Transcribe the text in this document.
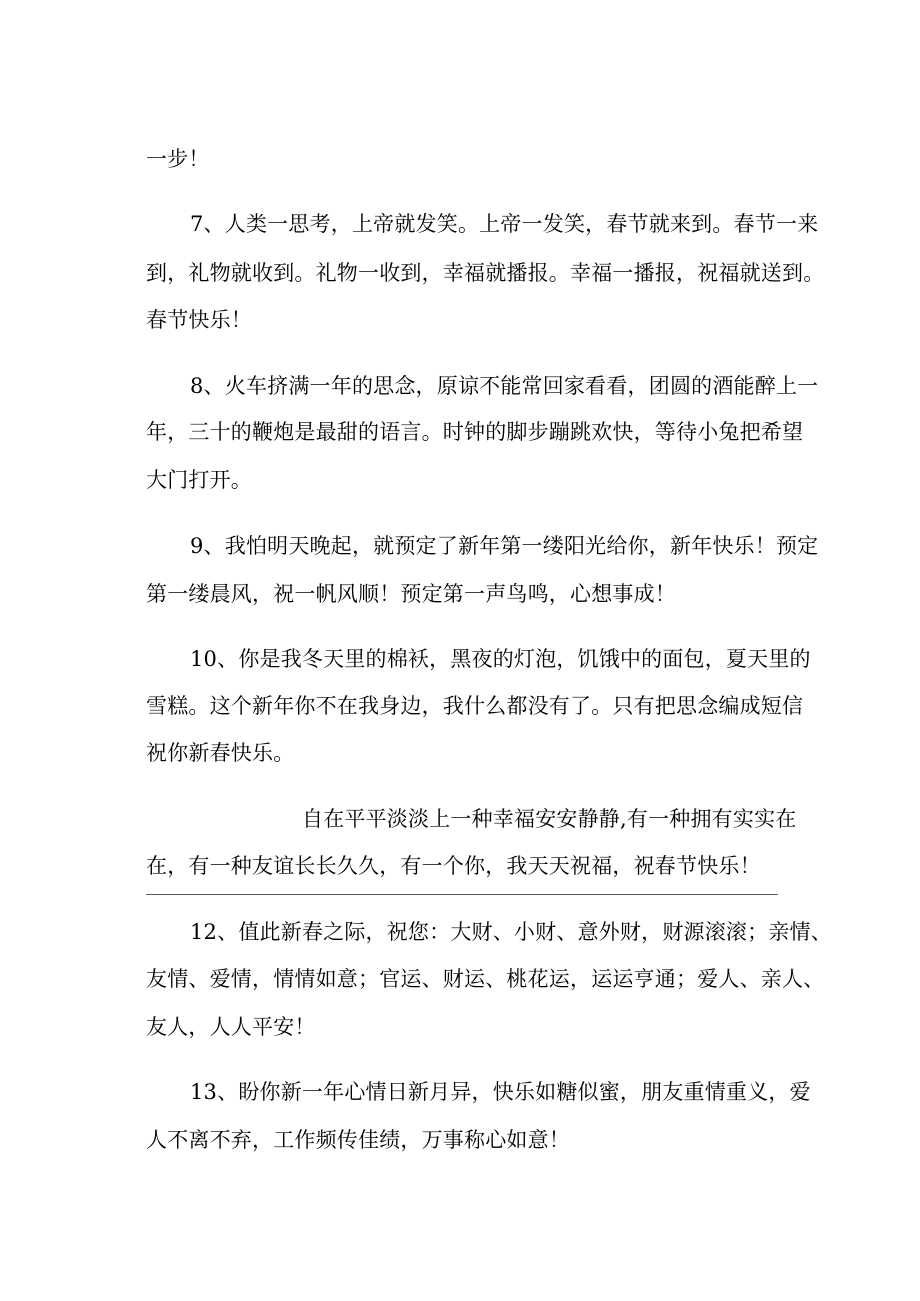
一步！
7、人类一思考，上帝就发笑。上帝一发笑，春节就来到。春节一来
到，礼物就收到。礼物一收到，幸福就播报。幸福一播报，祝福就送到。
春节快乐！
8、火车挤满一年的思念，原谅不能常回家看看，团圆的酒能醉上一
年，三十的鞭炮是最甜的语言。时钟的脚步蹦跳欢快，等待小兔把希望
大门打开。
9、我怕明天晚起，就预定了新年第一缕阳光给你，新年快乐！预定
第一缕晨风，祝一帆风顺！预定第一声鸟鸣，心想事成！
10、你是我冬天里的棉袄，黑夜的灯泡，饥饿中的面包，夏天里的
雪糕。这个新年你不在我身边，我什么都没有了。只有把思念编成短信
祝你新春快乐。
自在平平淡淡上一种幸福安安静静,有一种拥有实实在
在，有一种友谊长长久久，有一个你，我天天祝福，祝春节快乐！
12、值此新春之际，祝您：大财、小财、意外财，财源滚滚；亲情、
友情、爱情，情情如意；官运、财运、桃花运，运运亨通；爱人、亲人、
友人，人人平安！
13、盼你新一年心情日新月异，快乐如糖似蜜，朋友重情重义，爱
人不离不弃，工作频传佳绩，万事称心如意！
